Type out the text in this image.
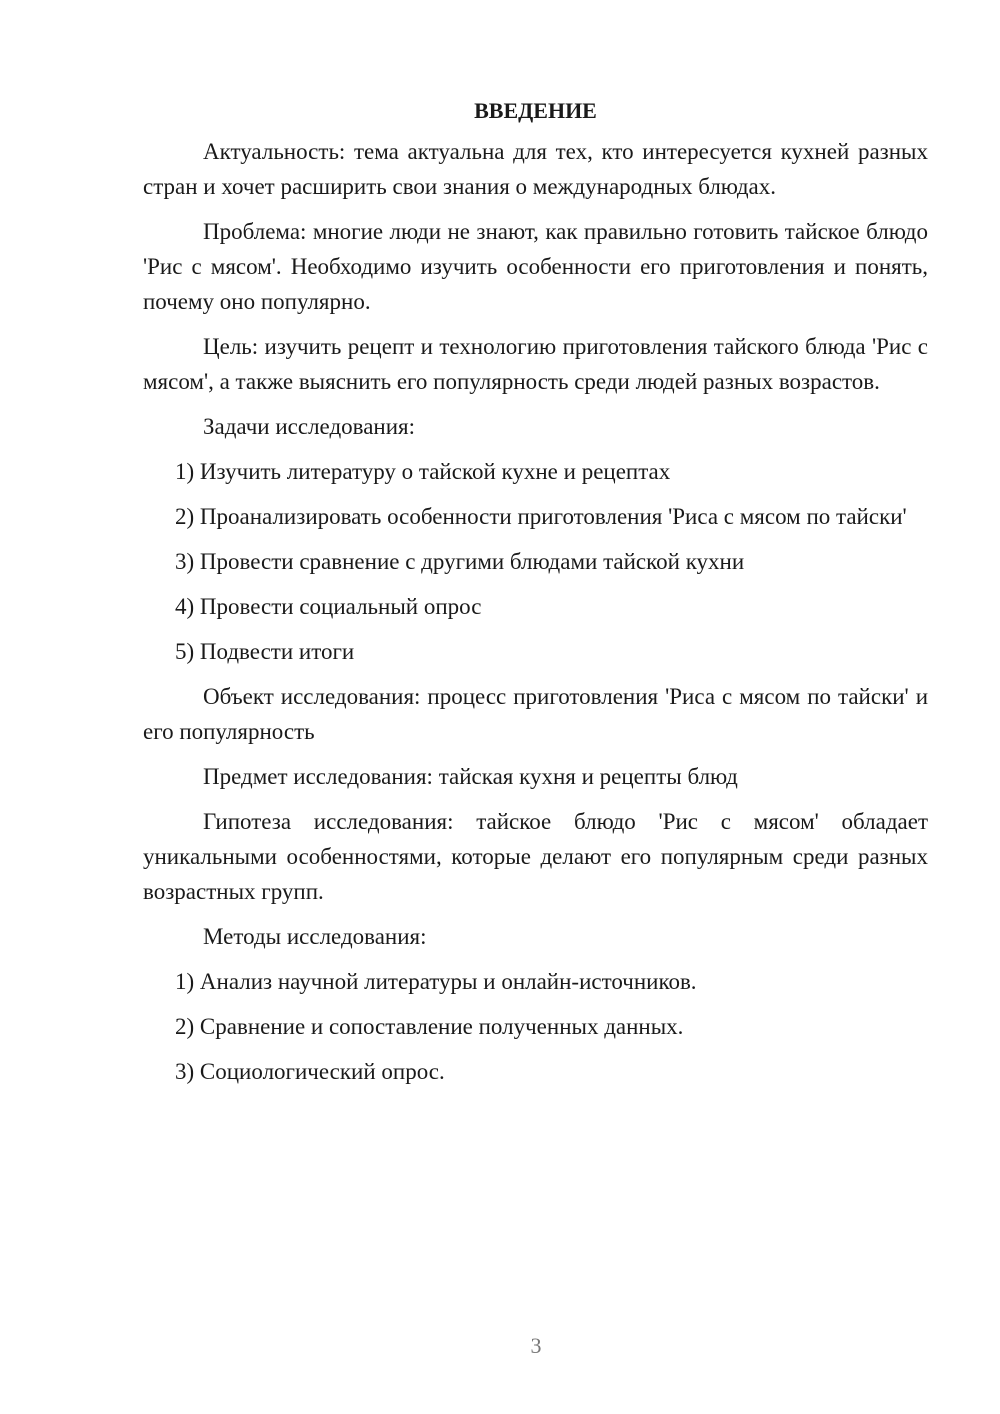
ВВЕДЕНИЕ

Актуальность: тема актуальна для тех, кто интересуется кухней разных стран и хочет расширить свои знания о международных блюдах.

Проблема: многие люди не знают, как правильно готовить тайское блюдо 'Рис с мясом'. Необходимо изучить особенности его приготовления и понять, почему оно популярно.

Цель: изучить рецепт и технологию приготовления тайского блюда 'Рис с мясом', а также выяснить его популярность среди людей разных возрастов.

Задачи исследования:

1) Изучить литературу о тайской кухне и рецептах

2) Проанализировать особенности приготовления 'Риса с мясом по тайски'

3) Провести сравнение с другими блюдами тайской кухни

4) Провести социальный опрос

5) Подвести итоги

Объект исследования: процесс приготовления 'Риса с мясом по тайски' и его популярность

Предмет исследования: тайская кухня и рецепты блюд

Гипотеза исследования: тайское блюдо 'Рис с мясом' обладает уникальными особенностями, которые делают его популярным среди разных возрастных групп.

Методы исследования:

1) Анализ научной литературы и онлайн-источников.

2) Сравнение и сопоставление полученных данных.

3) Социологический опрос.

3
